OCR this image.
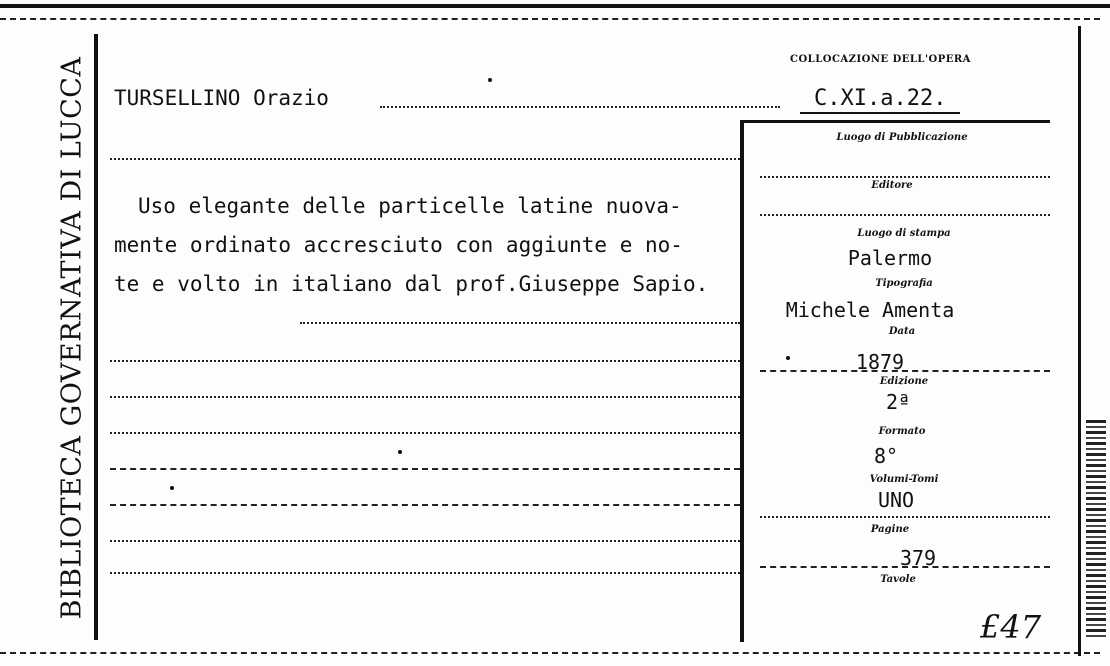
BIBLIOTECA GOVERNATIVA DI LUCCA	COLLOCAZIONE DELL'OPERA
C.XI.a.22.
TURSELLINO Orazio
Uso elegante delle particelle latine nuova-
mente ordinato accresciuto con aggiunte e no-
te e volto in italiano dal prof.Giuseppe Sapio.
Luogo di Pubblicazione
Editore
Luogo di stampa
Palermo
Tipografia
Michele Amenta
Data
1879
Edizione
2ª
Formato
8°
Volumi-Tomi
UNO
Pagine
379
Tavole
£47
